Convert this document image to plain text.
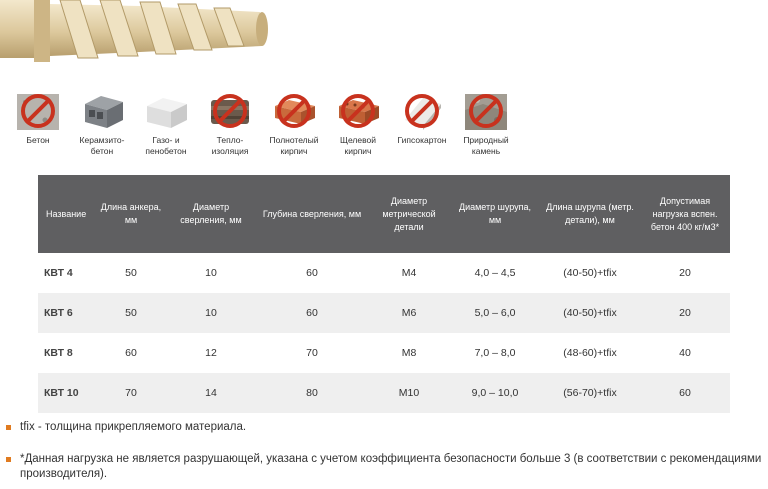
Бетон	Керамзито-
бетон
Газо- и
пенобетон
Тепло-
изоляция
Полнотелый
кирпич
Щелевой
кирпич
Гипсокартон	Природный
камень
Название	Длина анкера, мм	Диаметр сверления, мм	Глубина сверления, мм	Диаметр метрической детали	Диаметр шурупа, мм	Длина шурупа (метр. детали), мм	Допустимая нагрузка вспен. бетон 400 кг/м3*
КВТ 4	50	10	60	M4	4,0 – 4,5	(40-50)+tfix	20
КВТ 6	50	10	60	M6	5,0 – 6,0	(40-50)+tfix	20
КВТ 8	60	12	70	M8	7,0 – 8,0	(48-60)+tfix	40
КВТ 10	70	14	80	M10	9,0 – 10,0	(56-70)+tfix	60
tfix - толщина прикрепляемого материала.
*Данная нагрузка не является разрушающей, указана с учетом коэффициента безопасности больше 3 (в соответствии с рекомендациями производителя).
